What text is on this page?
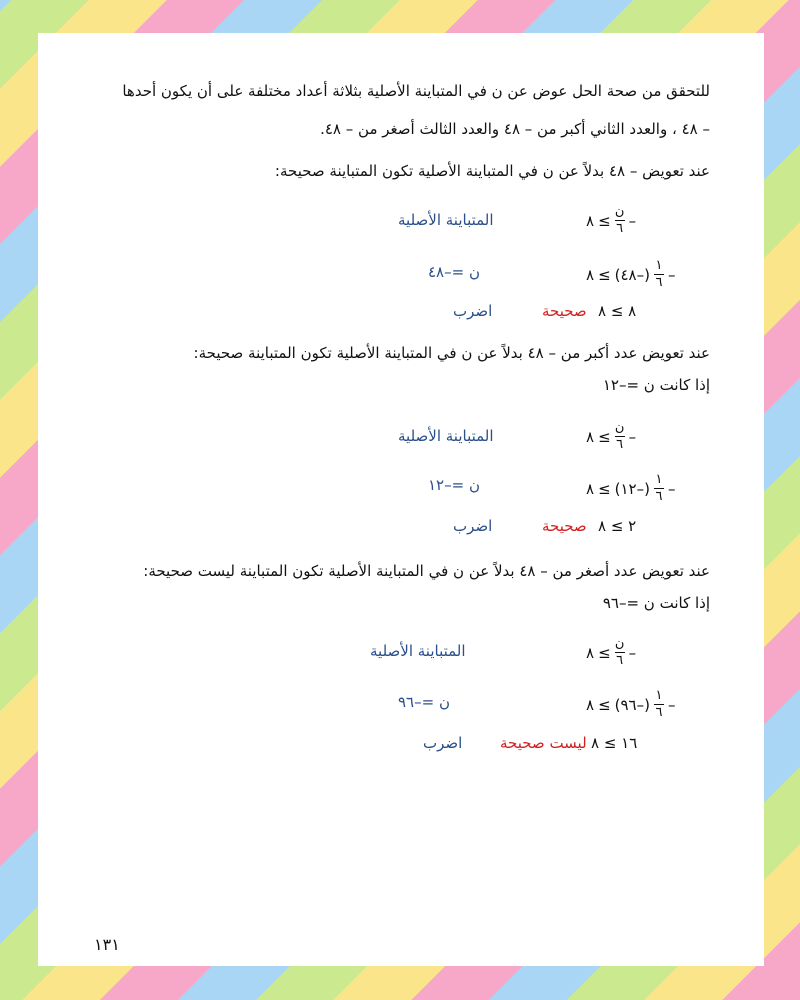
للتحقق من صحة الحل عوض عن ن في المتباينة الأصلية بثلاثة أعداد مختلفة على أن يكون أحدها
– ٤٨ ، والعدد الثاني أكبر من – ٤٨ والعدد الثالث أصغر من – ٤٨.
عند تعويض – ٤٨ بدلاً عن ن في المتباينة الأصلية تكون المتباينة صحيحة:
–
$\frac{\text{ن}}{٦}$
≥
٨
المتباينة الأصلية
–
$\frac{١}{٦}$
(–٤٨)
≥
٨
ن =–٤٨
٨ ≥ ٨
صحيحة
اضرب
عند تعويض عدد أكبر من – ٤٨ بدلاً عن ن في المتباينة الأصلية تكون المتباينة صحيحة:
إذا كانت ن =–١٢
–
$\frac{\text{ن}}{٦}$
≥
٨
المتباينة الأصلية
–
$\frac{١}{٦}$
(–١٢)
≥
٨
ن =–١٢
٢ ≥ ٨
صحيحة
اضرب
عند تعويض عدد أصغر من – ٤٨ بدلاً عن ن في المتباينة الأصلية تكون المتباينة ليست صحيحة:
إذا كانت ن =–٩٦
–
$\frac{\text{ن}}{٦}$
≥
٨
المتباينة الأصلية
–
$\frac{١}{٦}$
(–٩٦)
≥
٨
ن =–٩٦
١٦ ≥ ٨
ليست صحيحة
اضرب
١٣١
